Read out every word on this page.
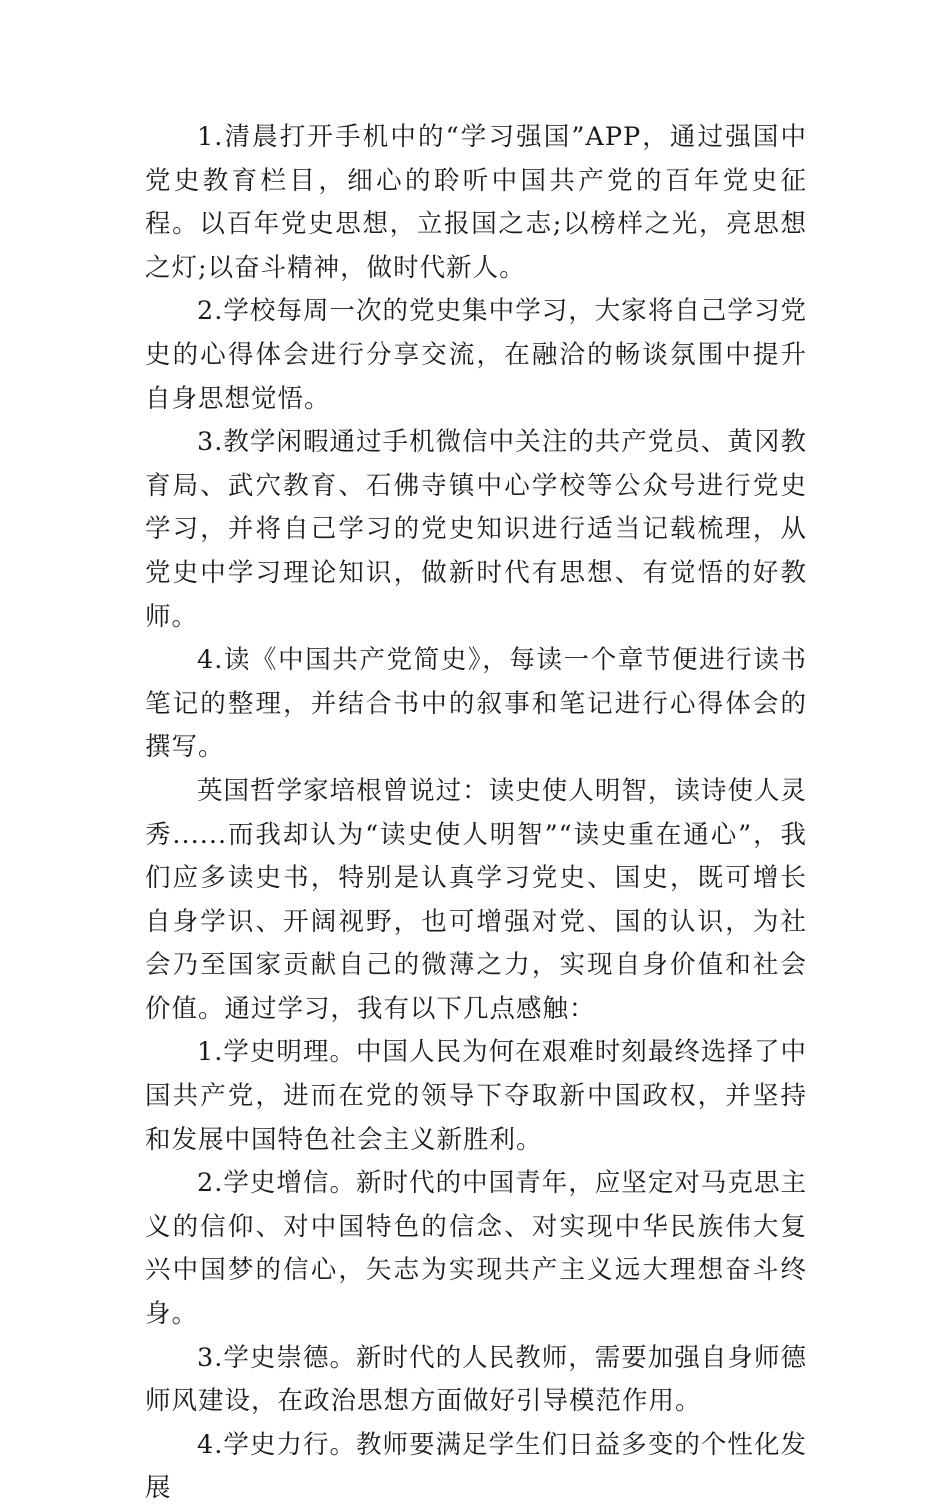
1.清晨打开手机中的“学习强国”APP，通过强国中党史教育栏目，细心的聆听中国共产党的百年党史征程。以百年党史思想，立报国之志;以榜样之光，亮思想之灯;以奋斗精神，做时代新人。

2.学校每周一次的党史集中学习，大家将自己学习党史的心得体会进行分享交流，在融洽的畅谈氛围中提升自身思想觉悟。

3.教学闲暇通过手机微信中关注的共产党员、黄冈教育局、武穴教育、石佛寺镇中心学校等公众号进行党史学习，并将自己学习的党史知识进行适当记载梳理，从党史中学习理论知识，做新时代有思想、有觉悟的好教师。

4.读《中国共产党简史》，每读一个章节便进行读书笔记的整理，并结合书中的叙事和笔记进行心得体会的撰写。

英国哲学家培根曾说过：读史使人明智，读诗使人灵秀......而我却认为“读史使人明智”“读史重在通心”，我们应多读史书，特别是认真学习党史、国史，既可增长自身学识、开阔视野，也可增强对党、国的认识，为社会乃至国家贡献自己的微薄之力，实现自身价值和社会价值。通过学习，我有以下几点感触：

1.学史明理。中国人民为何在艰难时刻最终选择了中国共产党，进而在党的领导下夺取新中国政权，并坚持和发展中国特色社会主义新胜利。

2.学史增信。新时代的中国青年，应坚定对马克思主义的信仰、对中国特色的信念、对实现中华民族伟大复兴中国梦的信心，矢志为实现共产主义远大理想奋斗终身。

3.学史崇德。新时代的人民教师，需要加强自身师德师风建设，在政治思想方面做好引导模范作用。

4.学史力行。教师要满足学生们日益多变的个性化发展
